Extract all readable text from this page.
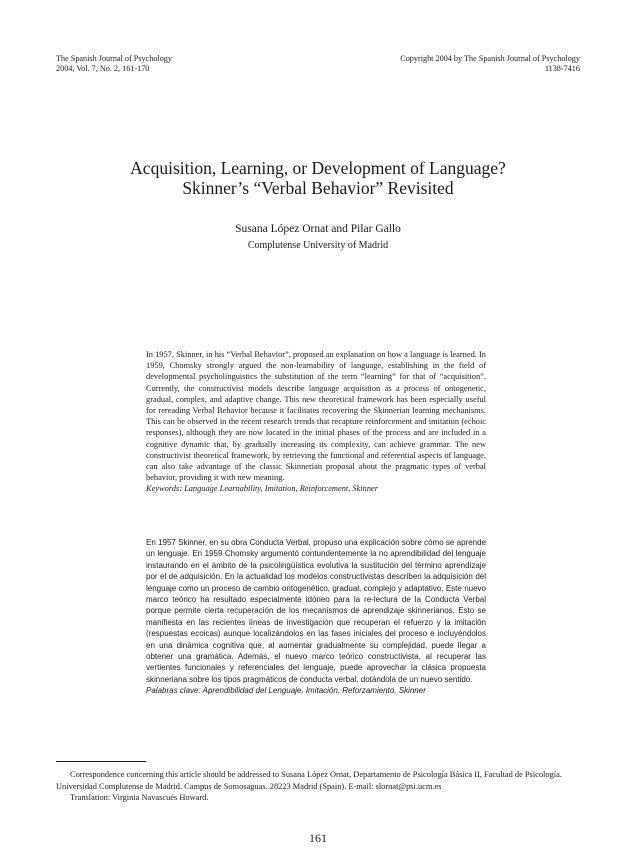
The Spanish Journal of Psychology
2004, Vol. 7, No. 2, 161-170
Copyright 2004 by The Spanish Journal of Psychology
1138-7416
Acquisition, Learning, or Development of Language?
Skinner’s “Verbal Behavior” Revisited
Susana López Ornat and Pilar Gallo
Complutense University of Madrid
In 1957, Skinner, in his “Verbal Behavior”, proposed an explanation on how a language is learned. In 1959, Chomsky strongly argued the non-learnability of language, establishing in the field of developmental psycholinguistics the substitution of the term “learning” for that of “acquisition”. Currently, the constructivist models describe language acquisition as a process of ontogenetic, gradual, complex, and adaptive change. This new theoretical framework has been especially useful for rereading Verbal Behavior because it facilitates recovering the Skinnerian learning mechanisms. This can be observed in the recent research trends that recapture reinforcement and imitation (echoic responses), although they are now located in the initial phases of the process and are included in a cognitive dynamic that, by gradually increasing its complexity, can achieve grammar. The new constructivist theoretical framework, by retrieving the functional and referential aspects of language, can also take advantage of the classic Skinnerian proposal about the pragmatic types of verbal behavior, providing it with new meaning.
Keywords: Language Learnability, Imitation, Reinforcement, Skinner
En 1957 Skinner, en su obra Conducta Verbal, propuso una explicación sobre cómo se aprende un lenguaje. En 1959 Chomsky argumentó contundentemente la no aprendibilidad del lenguaje instaurando en el ámbito de la psicolingüística evolutiva la sustitución del término aprendizaje por el de adquisición. En la actualidad los modelos constructivistas describen la adquisición del lenguaje como un proceso de cambio ontogenético, gradual, complejo y adaptativo. Este nuevo marco teórico ha resultado especialmente idóneo para la re-lectura de la Conducta Verbal porque permite cierta recuperación de los mecanismos de aprendizaje skinnerianos. Esto se manifiesta en las recientes líneas de investigación que recuperan el refuerzo y la imitación (respuestas ecoicas) aunque localizándolos en las fases iniciales del proceso e incluyéndolos en una dinámica cognitiva que, al aumentar gradualmente su complejidad, puede llegar a obtener una gramática. Además, el nuevo marco teórico constructivista, al recuperar las vertientes funcionales y referenciales del lenguaje, puede aprovechar la clásica propuesta skinneriana sobre los tipos pragmáticos de conducta verbal, dotándola de un nuevo sentido.
Palabras clave: Aprendibilidad del Lenguaje, Imitación, Reforzamiento, Skinner
Correspondence concerning this article should be addressed to Susana López Ornat, Departamento de Psicología Básica II, Facultad de Psicología. Universidad Complutense de Madrid. Campus de Somosaguas. 28223 Madrid (Spain). E-mail: slornat@psi.ucm.es
Translation: Virginia Navascués Howard.
161
